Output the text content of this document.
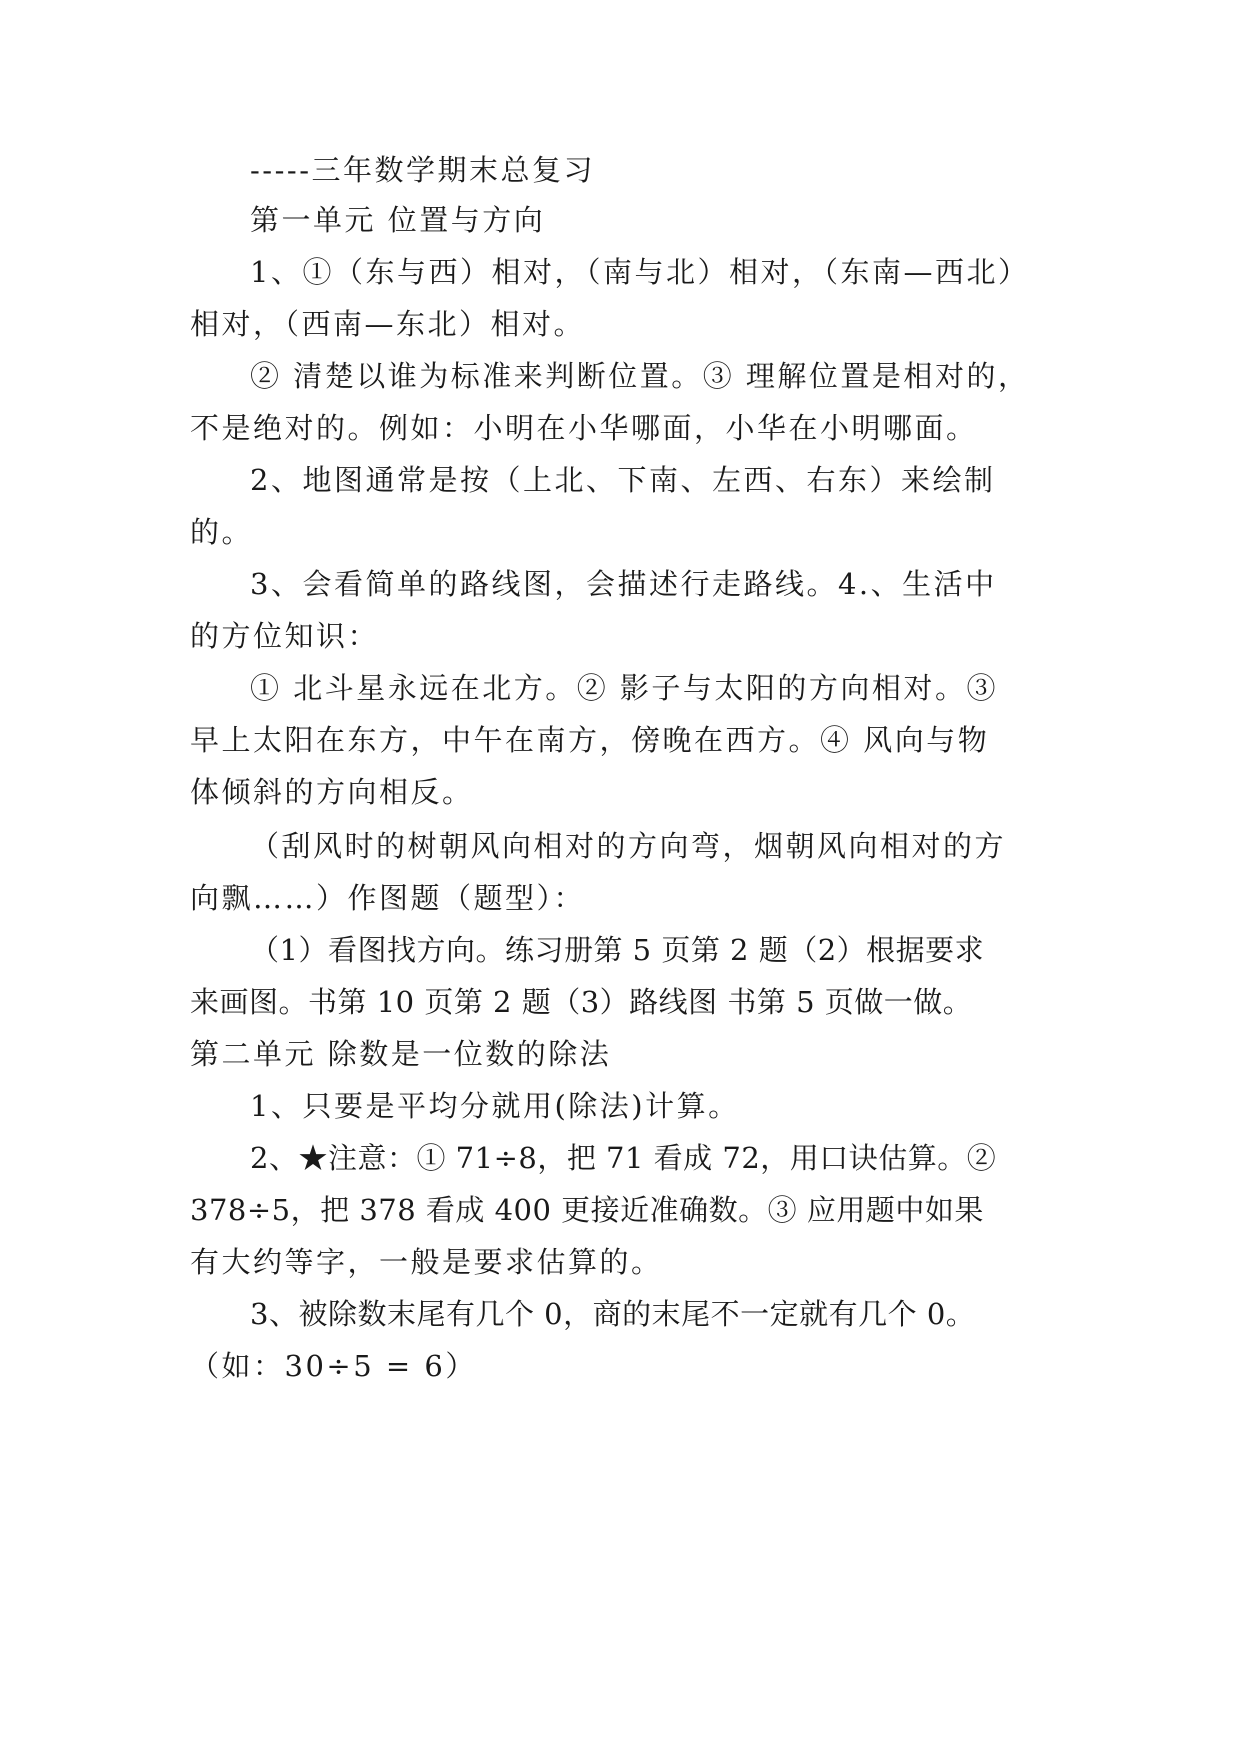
-----三年数学期末总复习
第一单元 位置与方向
1、①（东与西）相对，（南与北）相对，（东南—西北）
相对，（西南—东北）相对。
② 清楚以谁为标准来判断位置。③ 理解位置是相对的，
不是绝对的。例如：小明在小华哪面，小华在小明哪面。
2、地图通常是按（上北、下南、左西、右东）来绘制
的。
3、会看简单的路线图，会描述行走路线。4.、生活中
的方位知识：
① 北斗星永远在北方。② 影子与太阳的方向相对。③
早上太阳在东方，中午在南方，傍晚在西方。④ 风向与物
体倾斜的方向相反。
（刮风时的树朝风向相对的方向弯，烟朝风向相对的方
向飘……）作图题（题型）：
（1）看图找方向。练习册第 5 页第 2 题（2）根据要求
来画图。书第 10 页第 2 题（3）路线图 书第 5 页做一做。
第二单元 除数是一位数的除法
1、只要是平均分就用(除法)计算。
2、★注意：① 71÷8，把 71 看成 72，用口诀估算。②
378÷5，把 378 看成 400 更接近准确数。③ 应用题中如果
有大约等字，一般是要求估算的。
3、被除数末尾有几个 0，商的末尾不一定就有几个 0。
（如：30÷5 = 6）
